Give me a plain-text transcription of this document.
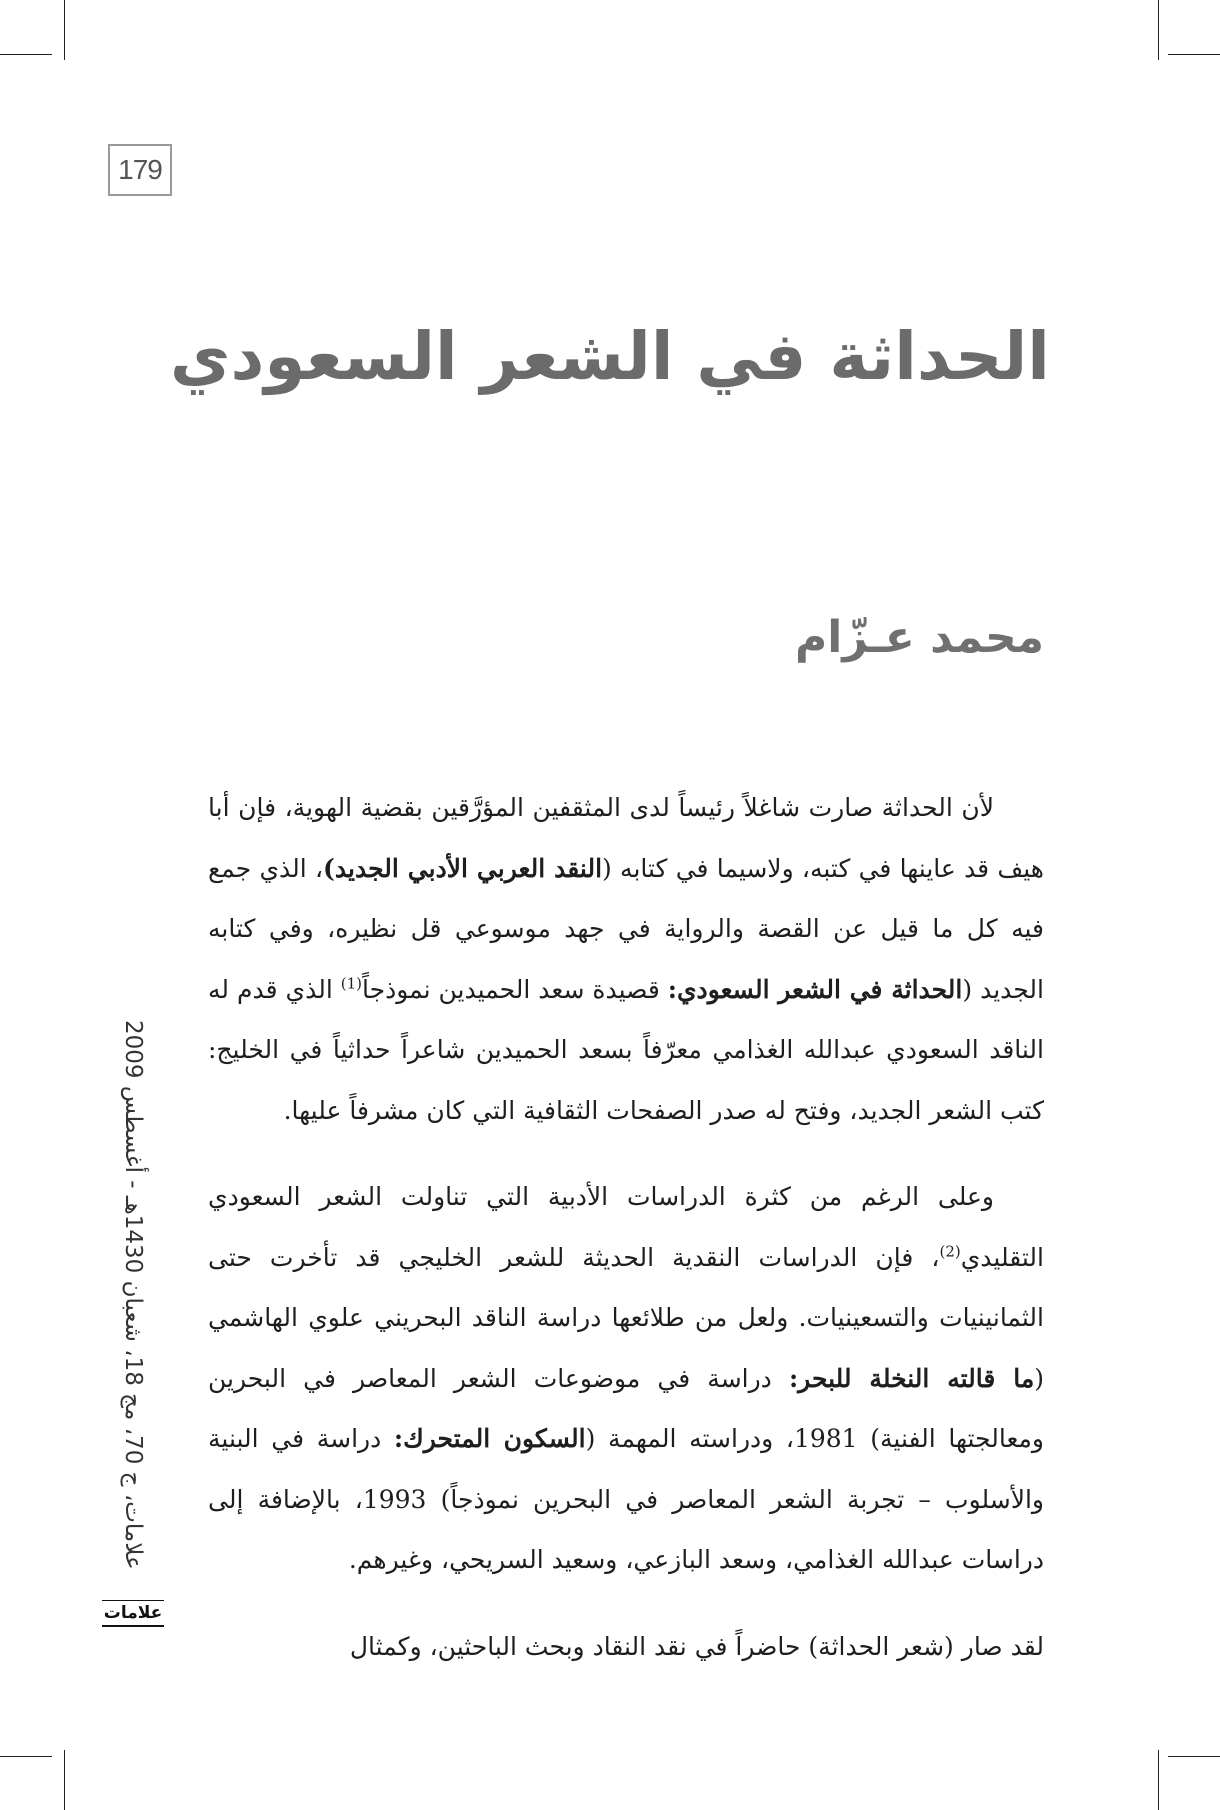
179
الحداثة في الشعر السعودي
محمد عـزّام

لأن الحداثة صارت شاغلاً رئيساً لدى المثقفين المؤرَّقين بقضية الهوية، فإن أبا هيف قد عاينها في كتبه، ولاسيما في كتابه (النقد العربي الأدبي الجديد)، الذي جمع فيه كل ما قيل عن القصة والرواية في جهد موسوعي قل نظيره، وفي كتابه الجديد (الحداثة في الشعر السعودي: قصيدة سعد الحميدين نموذجاً$^{(1)}$ الذي قدم له الناقد السعودي عبدالله الغذامي معرّفاً بسعد الحميدين شاعراً حداثياً في الخليج: كتب الشعر الجديد، وفتح له صدر الصفحات الثقافية التي كان مشرفاً عليها.

وعلى الرغم من كثرة الدراسات الأدبية التي تناولت الشعر السعودي التقليدي$^{(2)}$، فإن الدراسات النقدية الحديثة للشعر الخليجي قد تأخرت حتى الثمانينيات والتسعينيات. ولعل من طلائعها دراسة الناقد البحريني علوي الهاشمي (ما قالته النخلة للبحر: دراسة في موضوعات الشعر المعاصر في البحرين ومعالجتها الفنية) 1981، ودراسته المهمة (السكون المتحرك: دراسة في البنية والأسلوب – تجربة الشعر المعاصر في البحرين نموذجاً) 1993، بالإضافة إلى دراسات عبدالله الغذامي، وسعد البازعي، وسعيد السريحي، وغيرهم.

لقد صار (شعر الحداثة) حاضراً في نقد النقاد وبحث الباحثين، وكمثال

علامات، ج 70، مج 18، شعبان 1430هـ - أغسطس 2009
علامات
